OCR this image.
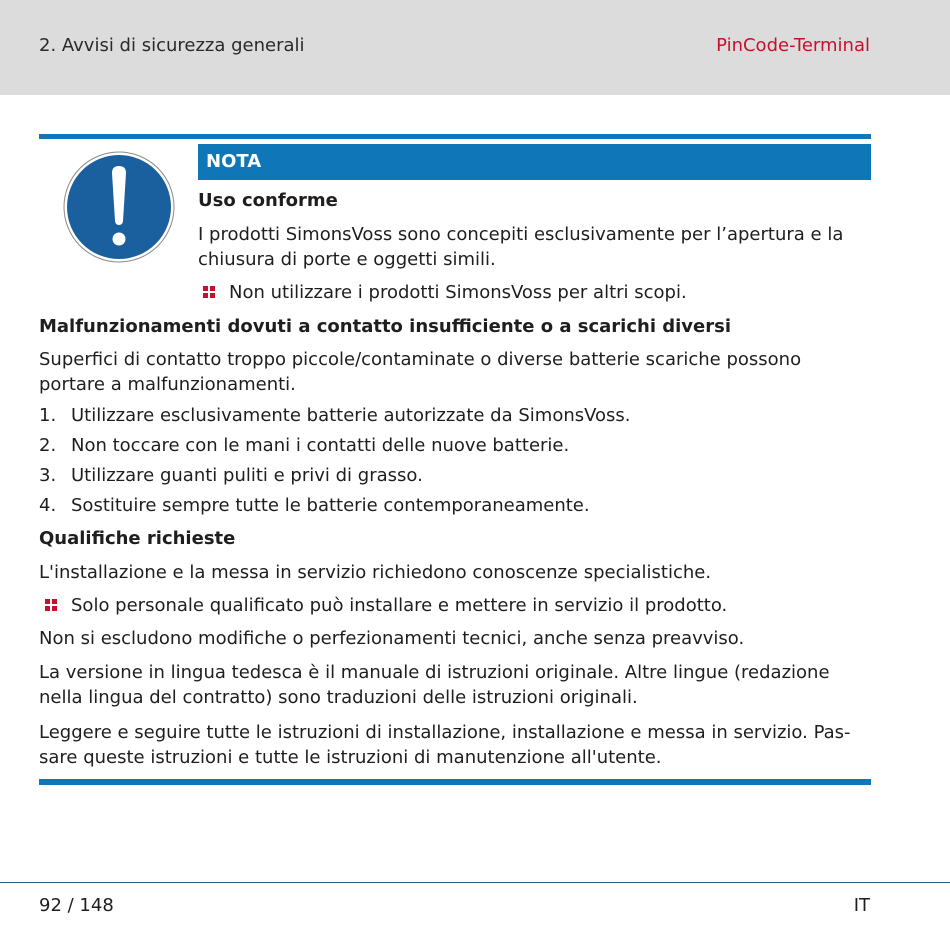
2. Avvisi di sicurezza generali	PinCode-Terminal
NOTA
Uso conforme
I prodotti SimonsVoss sono concepiti esclusivamente per l’apertura e la
chiusura di porte e oggetti simili.
Non utilizzare i prodotti SimonsVoss per altri scopi.
Malfunzionamenti dovuti a contatto insufficiente o a scarichi diversi
Superfici di contatto troppo piccole/contaminate o diverse batterie scariche possono
portare a malfunzionamenti.
1. Utilizzare esclusivamente batterie autorizzate da SimonsVoss.
2. Non toccare con le mani i contatti delle nuove batterie.
3. Utilizzare guanti puliti e privi di grasso.
4. Sostituire sempre tutte le batterie contemporaneamente.
Qualifiche richieste
L'installazione e la messa in servizio richiedono conoscenze specialistiche.
Solo personale qualificato può installare e mettere in servizio il prodotto.
Non si escludono modifiche o perfezionamenti tecnici, anche senza preavviso.
La versione in lingua tedesca è il manuale di istruzioni originale. Altre lingue (redazione
nella lingua del contratto) sono traduzioni delle istruzioni originali.
Leggere e seguire tutte le istruzioni di installazione, installazione e messa in servizio. Pas-
sare queste istruzioni e tutte le istruzioni di manutenzione all'utente.
92 / 148	IT
